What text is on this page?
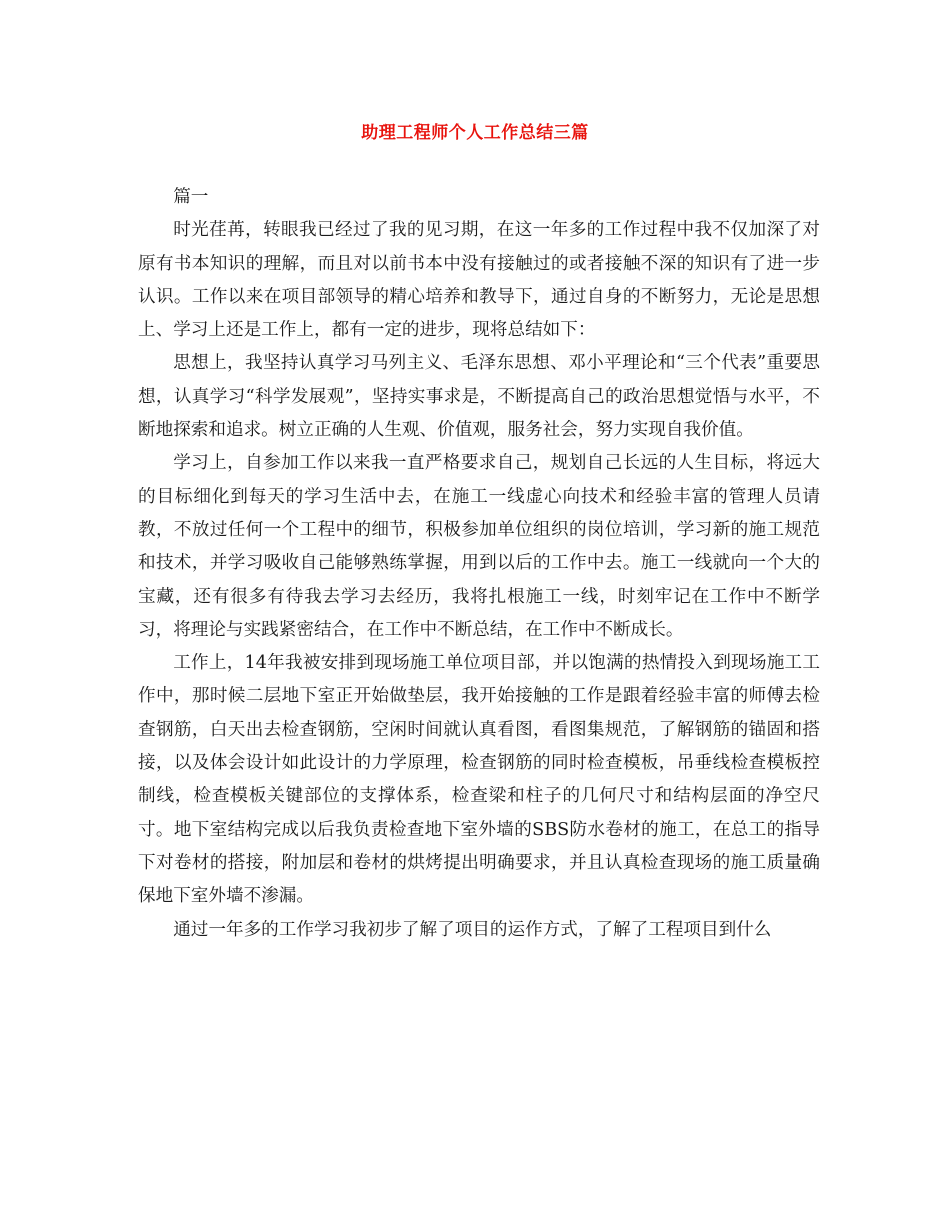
助理工程师个人工作总结三篇

篇一

时光荏苒，转眼我已经过了我的见习期，在这一年多的工作过程中我不仅加深了对原有书本知识的理解，而且对以前书本中没有接触过的或者接触不深的知识有了进一步认识。工作以来在项目部领导的精心培养和教导下，通过自身的不断努力，无论是思想上、学习上还是工作上，都有一定的进步，现将总结如下：

思想上，我坚持认真学习马列主义、毛泽东思想、邓小平理论和“三个代表”重要思想，认真学习“科学发展观”，坚持实事求是，不断提高自己的政治思想觉悟与水平，不断地探索和追求。树立正确的人生观、价值观，服务社会，努力实现自我价值。

学习上，自参加工作以来我一直严格要求自己，规划自己长远的人生目标，将远大的目标细化到每天的学习生活中去，在施工一线虚心向技术和经验丰富的管理人员请教，不放过任何一个工程中的细节，积极参加单位组织的岗位培训，学习新的施工规范和技术，并学习吸收自己能够熟练掌握，用到以后的工作中去。施工一线就向一个大的宝藏，还有很多有待我去学习去经历，我将扎根施工一线，时刻牢记在工作中不断学习，将理论与实践紧密结合，在工作中不断总结，在工作中不断成长。

工作上，14年我被安排到现场施工单位项目部，并以饱满的热情投入到现场施工工作中，那时候二层地下室正开始做垫层，我开始接触的工作是跟着经验丰富的师傅去检查钢筋，白天出去检查钢筋，空闲时间就认真看图，看图集规范，了解钢筋的锚固和搭接，以及体会设计如此设计的力学原理，检查钢筋的同时检查模板，吊垂线检查模板控制线，检查模板关键部位的支撑体系，检查梁和柱子的几何尺寸和结构层面的净空尺寸。地下室结构完成以后我负责检查地下室外墙的SBS防水卷材的施工，在总工的指导下对卷材的搭接，附加层和卷材的烘烤提出明确要求，并且认真检查现场的施工质量确保地下室外墙不渗漏。

通过一年多的工作学习我初步了解了项目的运作方式，了解了工程项目到什么
